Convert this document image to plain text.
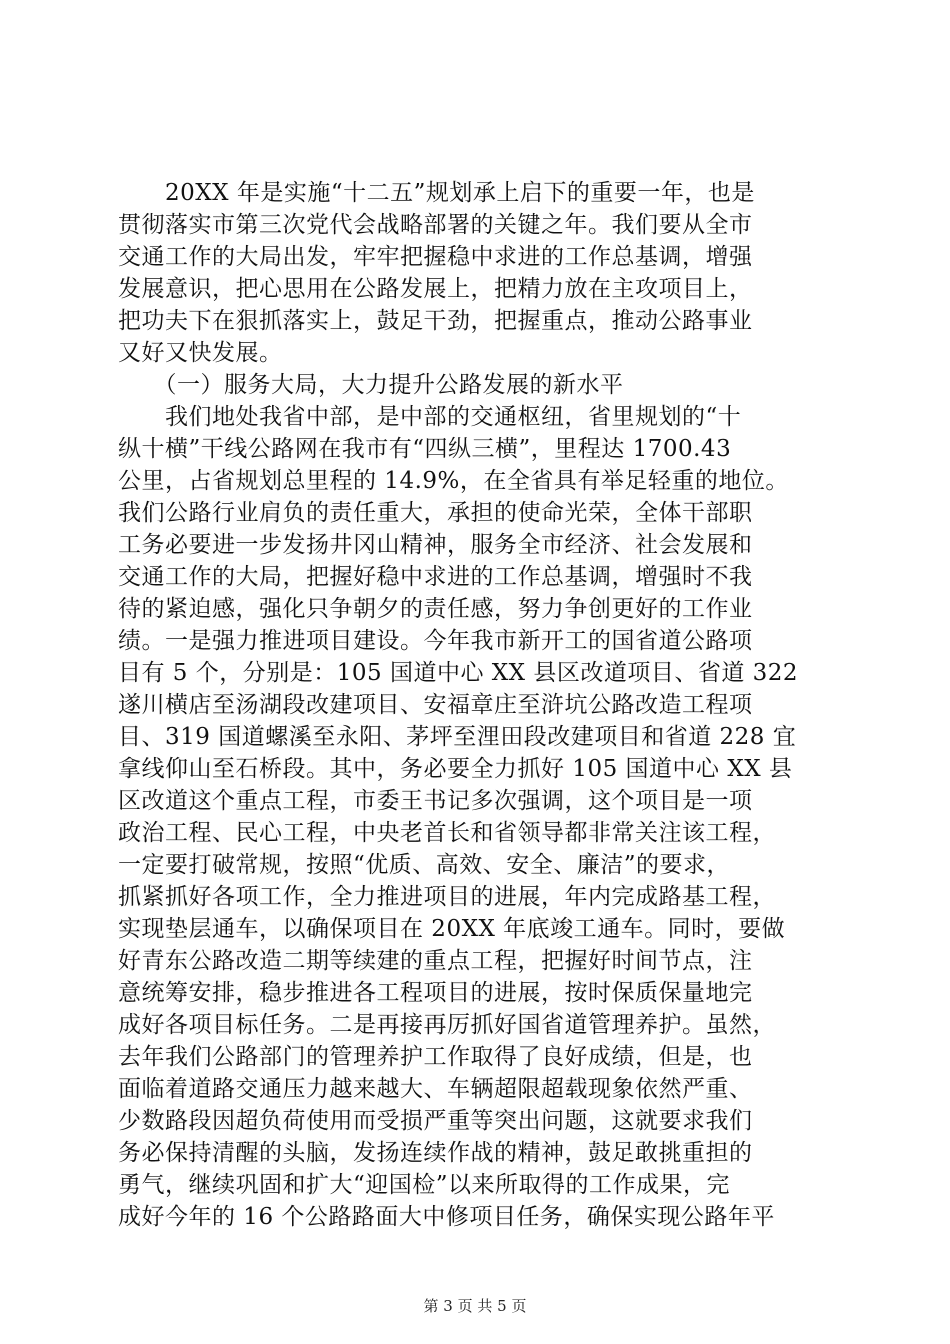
　　20XX 年是实施“十二五”规划承上启下的重要一年，也是
贯彻落实市第三次党代会战略部署的关键之年。我们要从全市
交通工作的大局出发，牢牢把握稳中求进的工作总基调，增强
发展意识，把心思用在公路发展上，把精力放在主攻项目上，
把功夫下在狠抓落实上，鼓足干劲，把握重点，推动公路事业
又好又快发展。
　　（一）服务大局，大力提升公路发展的新水平
　　我们地处我省中部，是中部的交通枢纽，省里规划的“十
纵十横”干线公路网在我市有“四纵三横”，里程达 1700.43
公里，占省规划总里程的 14.9%，在全省具有举足轻重的地位。
我们公路行业肩负的责任重大，承担的使命光荣，全体干部职
工务必要进一步发扬井冈山精神，服务全市经济、社会发展和
交通工作的大局，把握好稳中求进的工作总基调，增强时不我
待的紧迫感，强化只争朝夕的责任感，努力争创更好的工作业
绩。一是强力推进项目建设。今年我市新开工的国省道公路项
目有 5 个，分别是：105 国道中心 XX 县区改道项目、省道 322
遂川横店至汤湖段改建项目、安福章庄至浒坑公路改造工程项
目、319 国道螺溪至永阳、茅坪至浬田段改建项目和省道 228 宜
拿线仰山至石桥段。其中，务必要全力抓好 105 国道中心 XX 县
区改道这个重点工程，市委王书记多次强调，这个项目是一项
政治工程、民心工程，中央老首长和省领导都非常关注该工程，
一定要打破常规，按照“优质、高效、安全、廉洁”的要求，
抓紧抓好各项工作，全力推进项目的进展，年内完成路基工程，
实现垫层通车，以确保项目在 20XX 年底竣工通车。同时，要做
好青东公路改造二期等续建的重点工程，把握好时间节点，注
意统筹安排，稳步推进各工程项目的进展，按时保质保量地完
成好各项目标任务。二是再接再厉抓好国省道管理养护。虽然，
去年我们公路部门的管理养护工作取得了良好成绩，但是，也
面临着道路交通压力越来越大、车辆超限超载现象依然严重、
少数路段因超负荷使用而受损严重等突出问题，这就要求我们
务必保持清醒的头脑，发扬连续作战的精神，鼓足敢挑重担的
勇气，继续巩固和扩大“迎国检”以来所取得的工作成果，完
成好今年的 16 个公路路面大中修项目任务，确保实现公路年平
第 3 页 共 5 页
